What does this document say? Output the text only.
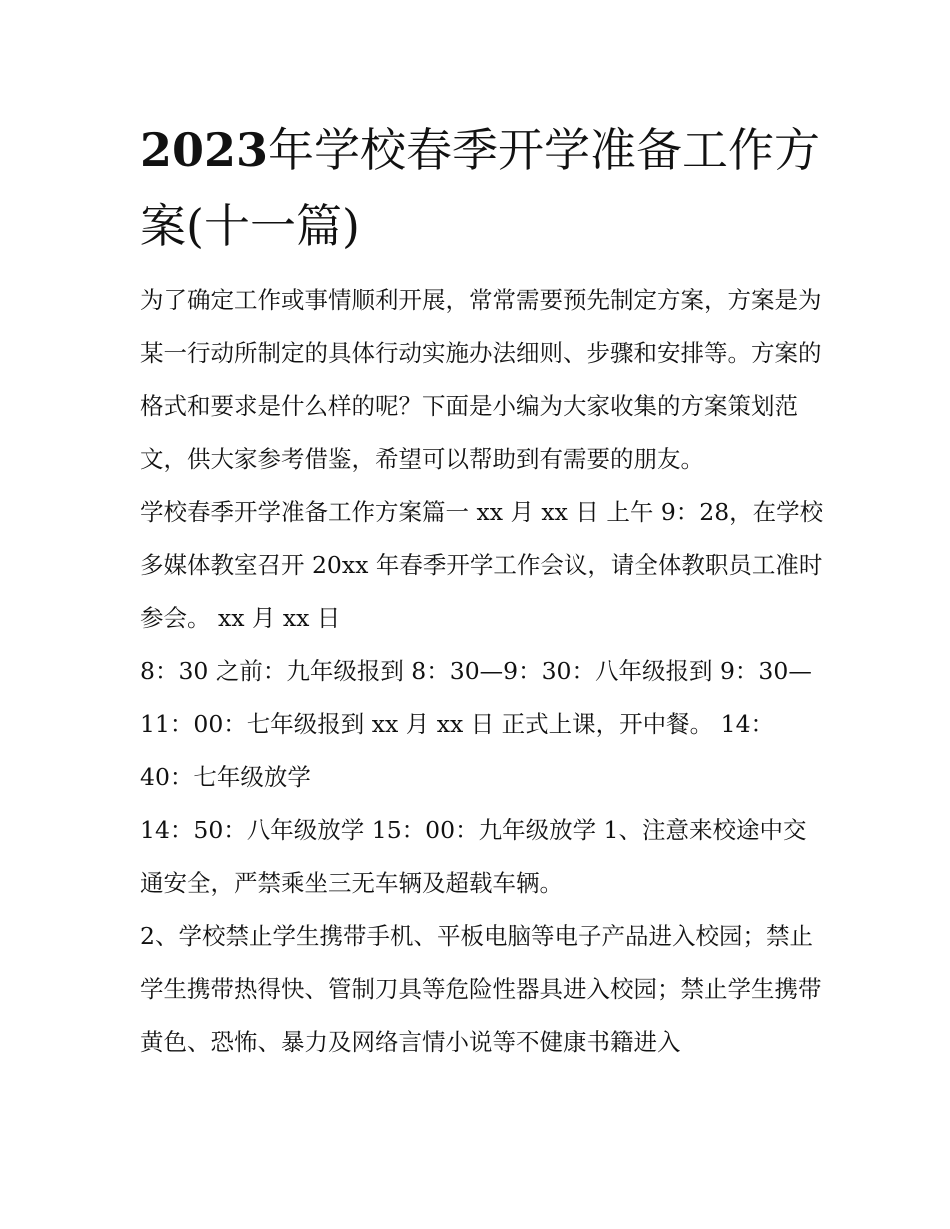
2023年学校春季开学准备工作方案(十一篇)

为了确定工作或事情顺利开展，常常需要预先制定方案，方案是为某一行动所制定的具体行动实施办法细则、步骤和安排等。方案的格式和要求是什么样的呢？下面是小编为大家收集的方案策划范文，供大家参考借鉴，希望可以帮助到有需要的朋友。

学校春季开学准备工作方案篇一 xx 月 xx 日 上午 9：28，在学校多媒体教室召开 20xx 年春季开学工作会议，请全体教职员工准时参会。 xx 月 xx 日

8：30 之前：九年级报到 8：30—9：30：八年级报到 9：30—11：00：七年级报到 xx 月 xx 日 正式上课，开中餐。 14：40：七年级放学

14：50：八年级放学 15：00：九年级放学 1、注意来校途中交通安全，严禁乘坐三无车辆及超载车辆。

2、学校禁止学生携带手机、平板电脑等电子产品进入校园；禁止学生携带热得快、管制刀具等危险性器具进入校园；禁止学生携带黄色、恐怖、暴力及网络言情小说等不健康书籍进入
